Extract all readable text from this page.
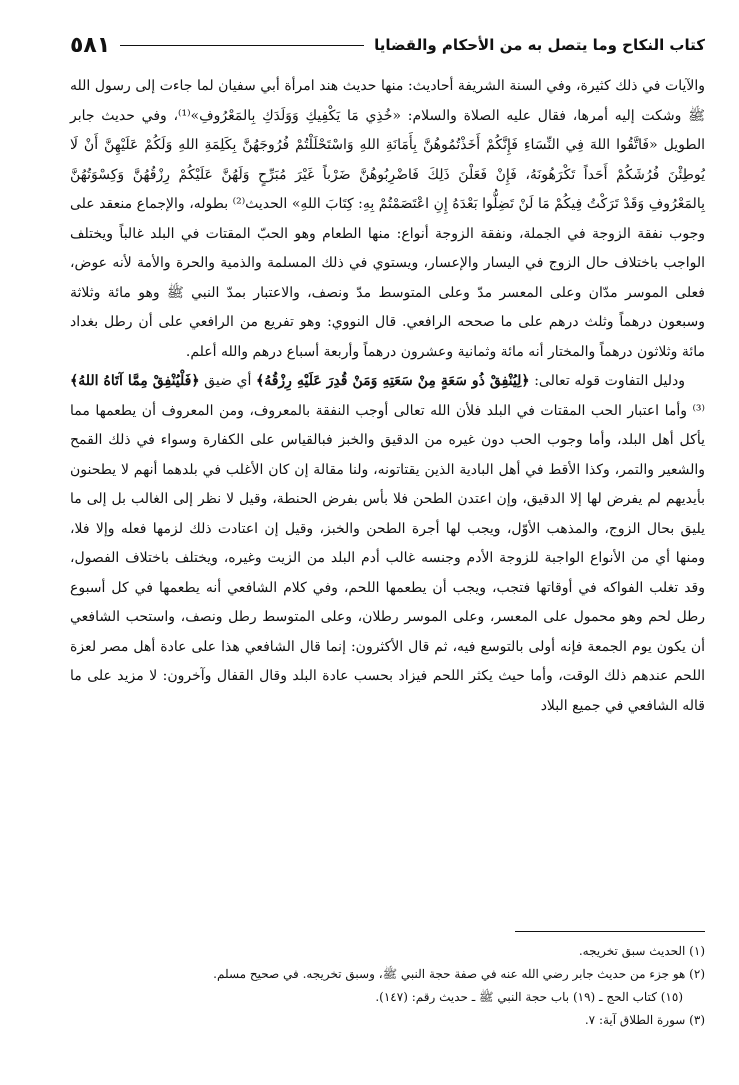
كتاب النكاح وما يتصل به من الأحكام والقضايا
٥٨١

والآيات في ذلك كثيرة، وفي السنة الشريفة أحاديث: منها حديث هند امرأة أبي سفيان لما جاءت إلى رسول الله ﷺ وشكت إليه أمرها، فقال عليه الصلاة والسلام: «خُذِي مَا يَكْفِيكِ وَوَلَدَكِ بِالمَعْرُوفِ»⁽¹⁾، وفي حديث جابر الطويل «فَاتَّقُوا اللهَ فِي النِّسَاءِ فَإِنَّكُمْ أَخَذْتُمُوهُنَّ بِأَمَانَةِ اللهِ وَاسْتَحْلَلْتُمْ فُرُوجَهُنَّ بِكَلِمَةِ اللهِ وَلَكُمْ عَلَيْهِنَّ أَنْ لَا يُوطِئْنَ فُرُشَكُمْ أَحَداً تَكْرَهُونَهُ، فَإِنْ فَعَلْنَ ذَلِكَ فَاضْرِبُوهُنَّ ضَرْباً غَيْرَ مُبَرِّحٍ وَلَهُنَّ عَلَيْكُمْ رِزْقُهُنَّ وَكِسْوَتُهُنَّ بِالمَعْرُوفِ وَقَدْ تَرَكْتُ فِيكُمْ مَا لَنْ تَضِلُّوا بَعْدَهُ إِنِ اعْتَصَمْتُمْ بِهِ: كِتَابَ اللهِ» الحديث⁽²⁾ بطوله، والإجماع منعقد على وجوب نفقة الزوجة في الجملة، ونفقة الزوجة أنواع: منها الطعام وهو الحبّ المقتات في البلد غالباً ويختلف الواجب باختلاف حال الزوج في اليسار والإعسار، ويستوي في ذلك المسلمة والذمية والحرة والأمة لأنه عوض، فعلى الموسر مدّان وعلى المعسر مدّ وعلى المتوسط مدّ ونصف، والاعتبار بمدّ النبي ﷺ وهو مائة وثلاثة وسبعون درهماً وثلث درهم على ما صححه الرافعي. قال النووي: وهو تفريع من الرافعي على أن رطل بغداد مائة وثلاثون درهماً والمختار أنه مائة وثمانية وعشرون درهماً وأربعة أسباع درهم والله أعلم.

ودليل التفاوت قوله تعالى: ﴿لِيُنْفِقْ ذُو سَعَةٍ مِنْ سَعَتِهِ وَمَنْ قُدِرَ عَلَيْهِ رِزْقُهُ﴾ أي ضيق ﴿فَلْيُنْفِقْ مِمَّا آتَاهُ اللهُ﴾⁽³⁾ وأما اعتبار الحب المقتات في البلد فلأن الله تعالى أوجب النفقة بالمعروف، ومن المعروف أن يطعمها مما يأكل أهل البلد، وأما وجوب الحب دون غيره من الدقيق والخبز فبالقياس على الكفارة وسواء في ذلك القمح والشعير والتمر، وكذا الأقط في أهل البادية الذين يقتاتونه، ولنا مقالة إن كان الأغلب في بلدهما أنهم لا يطحنون بأيديهم لم يفرض لها إلا الدقيق، وإن اعتدن الطحن فلا بأس بفرض الحنطة، وقيل لا نظر إلى الغالب بل إلى ما يليق بحال الزوج، والمذهب الأوّل، ويجب لها أجرة الطحن والخبز، وقيل إن اعتادت ذلك لزمها فعله وإلا فلا، ومنها أي من الأنواع الواجبة للزوجة الأدم وجنسه غالب أدم البلد من الزيت وغيره، ويختلف باختلاف الفصول، وقد تغلب الفواكه في أوقاتها فتجب، ويجب أن يطعمها اللحم، وفي كلام الشافعي أنه يطعمها في كل أسبوع رطل لحم وهو محمول على المعسر، وعلى الموسر رطلان، وعلى المتوسط رطل ونصف، واستحب الشافعي أن يكون يوم الجمعة فإنه أولى بالتوسع فيه، ثم قال الأكثرون: إنما قال الشافعي هذا على عادة أهل مصر لعزة اللحم عندهم ذلك الوقت، وأما حيث يكثر اللحم فيزاد بحسب عادة البلد وقال القفال وآخرون: لا مزيد على ما قاله الشافعي في جميع البلاد

(١) الحديث سبق تخريجه.
(٢) هو جزء من حديث جابر رضي الله عنه في صفة حجة النبي ﷺ، وسبق تخريجه. في صحيح مسلم.
(١٥) كتاب الحج ـ (١٩) باب حجة النبي ﷺ ـ حديث رقم: (١٤٧).
(٣) سورة الطلاق آية: ٧.
